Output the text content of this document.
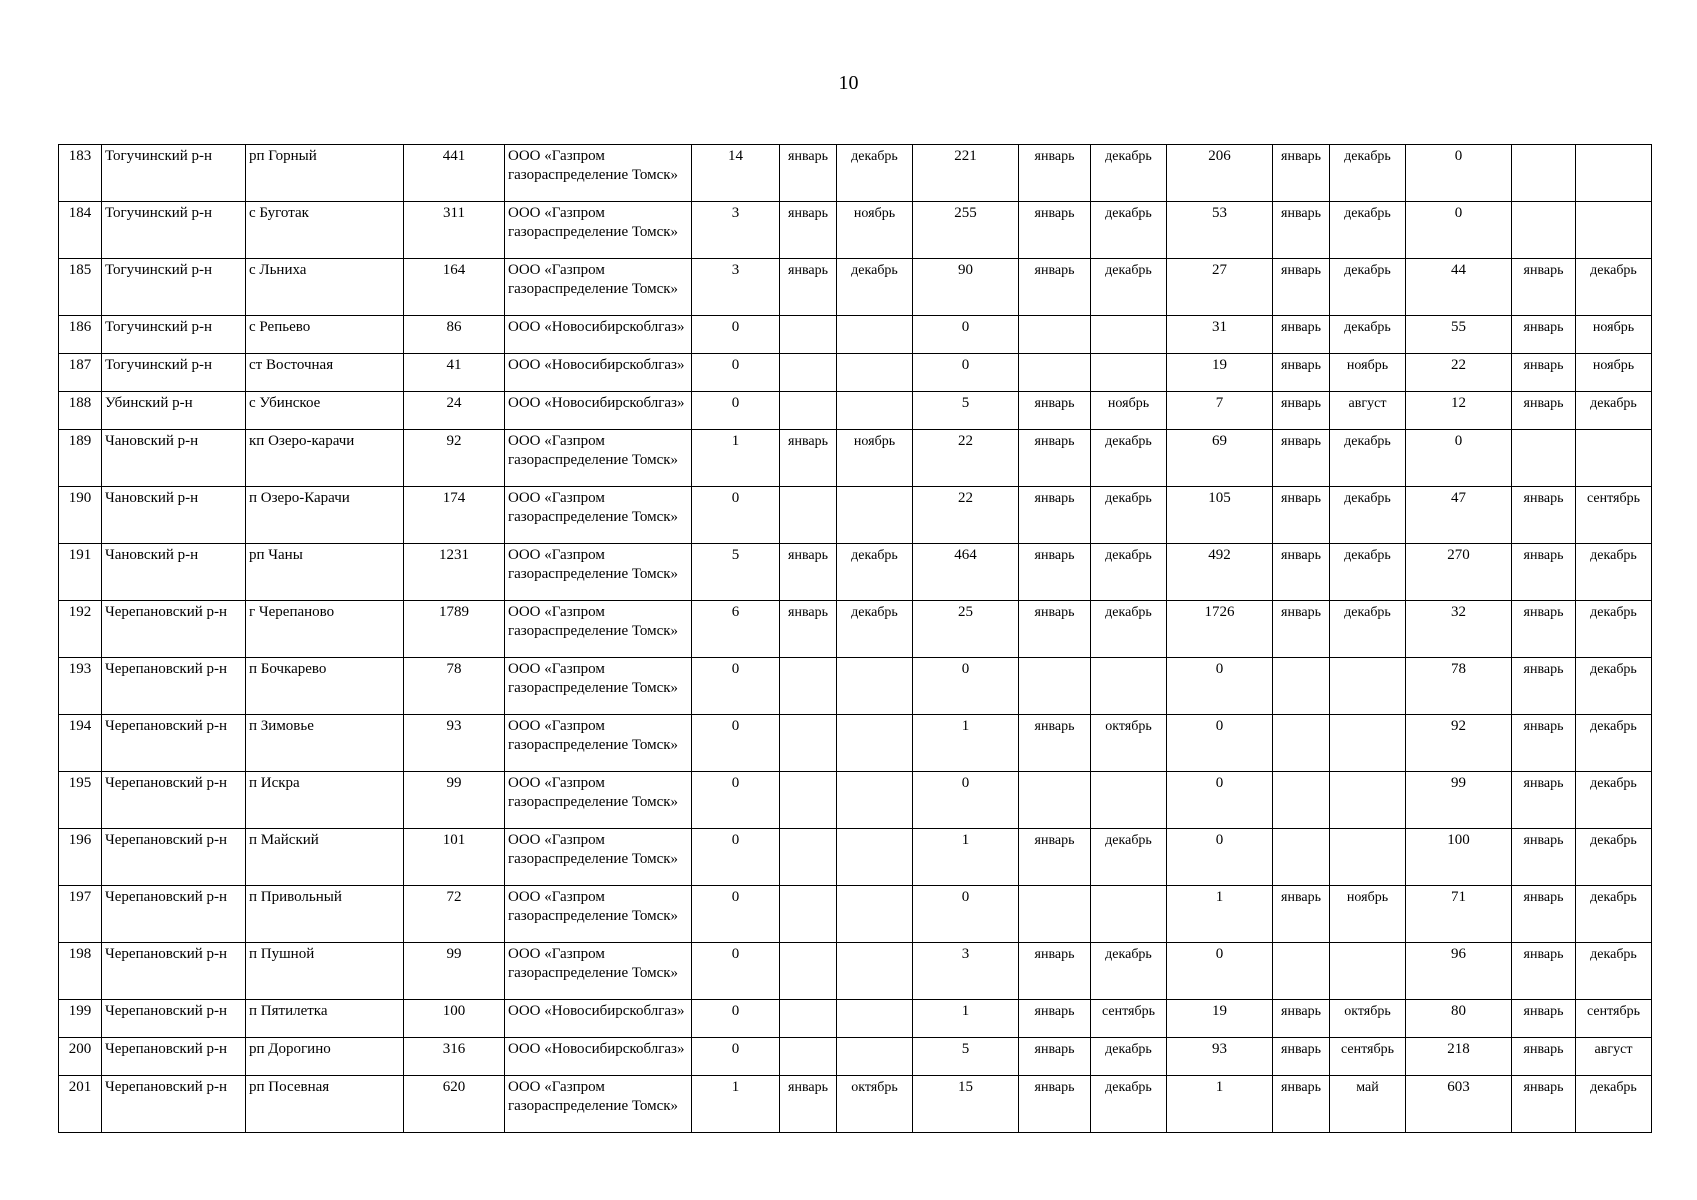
10
183	Тогучинский р-н	рп Горный	441	ООО «Газпром газораспределение Томск»	14	январь	декабрь	221	январь	декабрь	206	январь	декабрь	0		
184	Тогучинский р-н	с Буготак	311	ООО «Газпром газораспределение Томск»	3	январь	ноябрь	255	январь	декабрь	53	январь	декабрь	0		
185	Тогучинский р-н	с Льниха	164	ООО «Газпром газораспределение Томск»	3	январь	декабрь	90	январь	декабрь	27	январь	декабрь	44	январь	декабрь
186	Тогучинский р-н	с Репьево	86	ООО «Новосибирскоблгаз»	0			0			31	январь	декабрь	55	январь	ноябрь
187	Тогучинский р-н	ст Восточная	41	ООО «Новосибирскоблгаз»	0			0			19	январь	ноябрь	22	январь	ноябрь
188	Убинский р-н	с Убинское	24	ООО «Новосибирскоблгаз»	0			5	январь	ноябрь	7	январь	август	12	январь	декабрь
189	Чановский р-н	кп Озеро-карачи	92	ООО «Газпром газораспределение Томск»	1	январь	ноябрь	22	январь	декабрь	69	январь	декабрь	0		
190	Чановский р-н	п Озеро-Карачи	174	ООО «Газпром газораспределение Томск»	0			22	январь	декабрь	105	январь	декабрь	47	январь	сентябрь
191	Чановский р-н	рп Чаны	1231	ООО «Газпром газораспределение Томск»	5	январь	декабрь	464	январь	декабрь	492	январь	декабрь	270	январь	декабрь
192	Черепановский р-н	г Черепаново	1789	ООО «Газпром газораспределение Томск»	6	январь	декабрь	25	январь	декабрь	1726	январь	декабрь	32	январь	декабрь
193	Черепановский р-н	п Бочкарево	78	ООО «Газпром газораспределение Томск»	0			0			0			78	январь	декабрь
194	Черепановский р-н	п Зимовье	93	ООО «Газпром газораспределение Томск»	0			1	январь	октябрь	0			92	январь	декабрь
195	Черепановский р-н	п Искра	99	ООО «Газпром газораспределение Томск»	0			0			0			99	январь	декабрь
196	Черепановский р-н	п Майский	101	ООО «Газпром газораспределение Томск»	0			1	январь	декабрь	0			100	январь	декабрь
197	Черепановский р-н	п Привольный	72	ООО «Газпром газораспределение Томск»	0			0			1	январь	ноябрь	71	январь	декабрь
198	Черепановский р-н	п Пушной	99	ООО «Газпром газораспределение Томск»	0			3	январь	декабрь	0			96	январь	декабрь
199	Черепановский р-н	п Пятилетка	100	ООО «Новосибирскоблгаз»	0			1	январь	сентябрь	19	январь	октябрь	80	январь	сентябрь
200	Черепановский р-н	рп Дорогино	316	ООО «Новосибирскоблгаз»	0			5	январь	декабрь	93	январь	сентябрь	218	январь	август
201	Черепановский р-н	рп Посевная	620	ООО «Газпром газораспределение Томск»	1	январь	октябрь	15	январь	декабрь	1	январь	май	603	январь	декабрь
